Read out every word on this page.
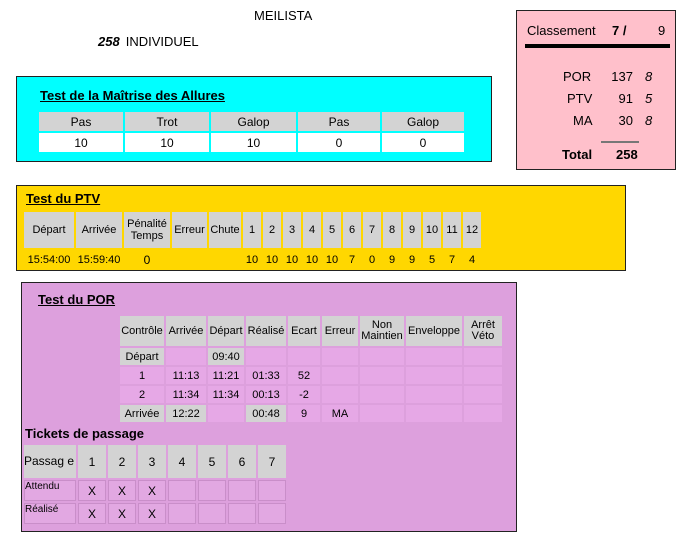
MEILISTA
258 INDIVIDUEL
Classement 7 / 9
POR 137 8
PTV 91 5
MA 30 8
Total 258
Test de la Maîtrise des Allures
Pas	Trot	Galop	Pas	Galop
10	10	10	0	0
Test du PTV
Départ	Arrivée	Pénalité Temps	Erreur	Chute	1	2	3	4	5	6	7	8	9	10	11	12
15:54:00	15:59:40	0			10	10	10	10	10	7	0	9	9	5	7	4
Test du POR
Contrôle	Arrivée	Départ	Réalisé	Ecart	Erreur	Non Maintien	Enveloppe	Arrêt Véto
Départ		09:40						
1	11:13	11:21	01:33	52				
2	11:34	11:34	00:13	-2				
Arrivée	12:22		00:48	9	MA			
Tickets de passage
Passag e	1	2	3	4	5	6	7
Attendu	X	X	X				
Réalisé	X	X	X				
